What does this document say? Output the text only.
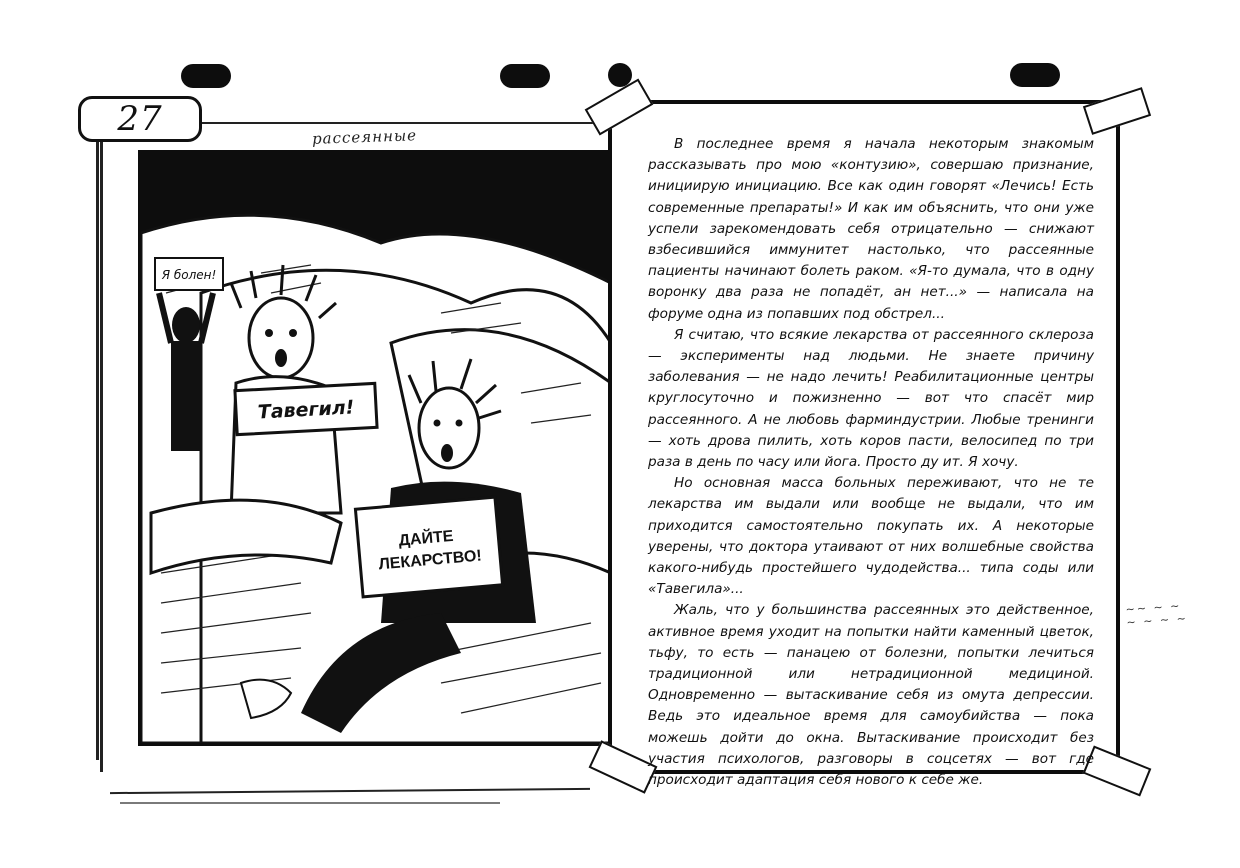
27	рассеянные
Я болен!
Тавегил!
ДАЙТЕ ЛЕКАРСТВО!

В последнее время я начала некоторым знакомым рассказывать про мою «контузию», совершаю признание, инициирую инициацию. Все как один говорят «Лечись! Есть современные препараты!» И как им объяснить, что они уже успели зарекомендовать себя отрицательно — снижают взбесившийся иммунитет настолько, что рассеянные пациенты начинают болеть раком. «Я-то думала, что в одну воронку два раза не попадёт, ан нет...» — написала на форуме одна из попавших под обстрел...

Я считаю, что всякие лекарства от рассеянного склероза — эксперименты над людьми. Не знаете причину заболевания — не надо лечить! Реабилитационные центры круглосуточно и пожизненно — вот что спасёт мир рассеянного. А не любовь фарминдустрии. Любые тренинги — хоть дрова пилить, хоть коров пасти, велосипед по три раза в день по часу или йога. Просто ду ит. Я хочу.

Но основная масса больных переживают, что не те лекарства им выдали или вообще не выдали, что им приходится самостоятельно покупать их. А некоторые уверены, что доктора утаивают от них волшебные свойства какого-нибудь простейшего чудодейства... типа соды или «Тавегила»...

Жаль, что у большинства рассеянных это действенное, активное время уходит на попытки найти каменный цветок, тьфу, то есть — панацею от болезни, попытки лечиться традиционной или нетрадиционной медициной. Одновременно — вытаскивание себя из омута депрессии. Ведь это идеальное время для самоубийства — пока можешь дойти до окна. Вытаскивание происходит без участия психологов, разговоры в соцсетях — вот где происходит адаптация себя нового к себе же.

~~ ~ ~
~ ~ ~ ~
